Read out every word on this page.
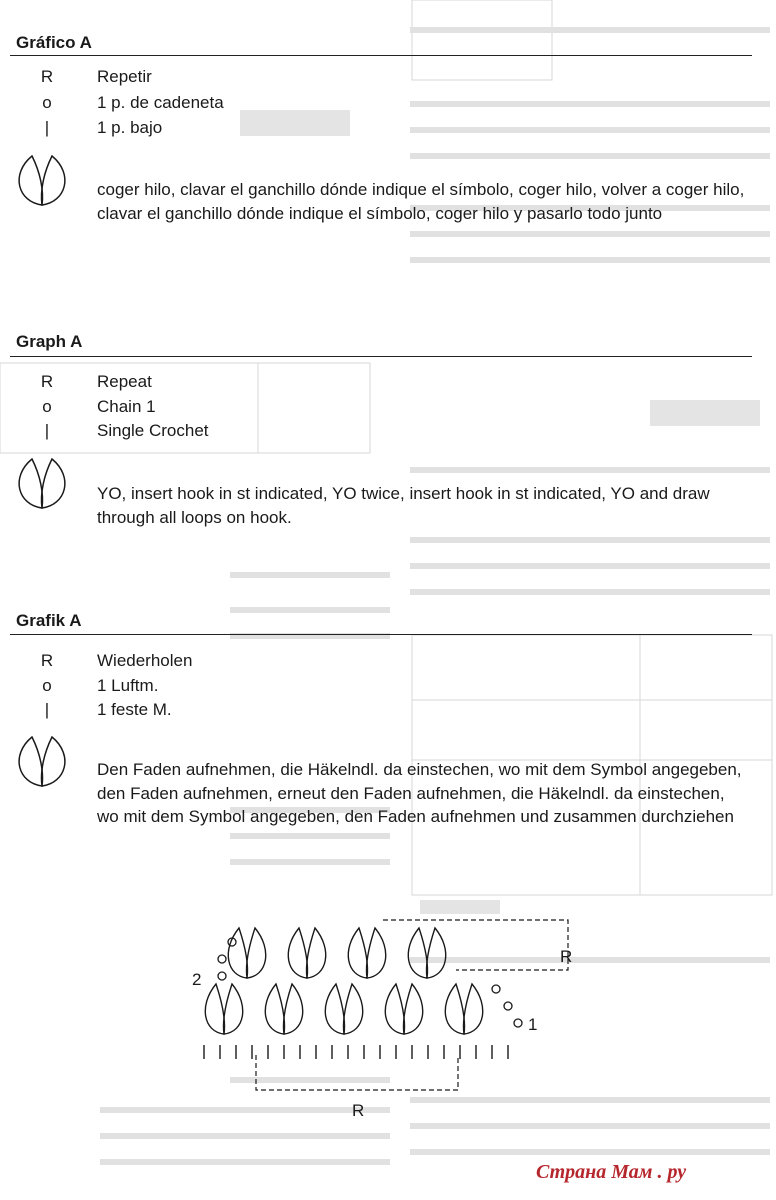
Gráfico A
R	Repetir
o	1 p. de cadeneta
|	1 p. bajo
coger hilo, clavar el ganchillo dónde indique el símbolo, coger hilo, volver a coger hilo, clavar el ganchillo dónde indique el símbolo, coger hilo y pasarlo todo junto
Graph A
R	Repeat
o	Chain 1
|	Single Crochet
YO, insert hook in st indicated, YO twice, insert hook in st indicated, YO and draw through all loops on hook.
Grafik A
R	Wiederholen
o	1 Luftm.
|	1 feste M.
Den Faden aufnehmen, die Häkelndl. da einstechen, wo mit dem Symbol angegeben, den Faden aufnehmen, erneut den Faden aufnehmen, die Häkelndl. da einstechen, wo mit dem Symbol angegeben, den Faden aufnehmen und zusammen durchziehen
R
R
2
1
Страна Мам . ру
